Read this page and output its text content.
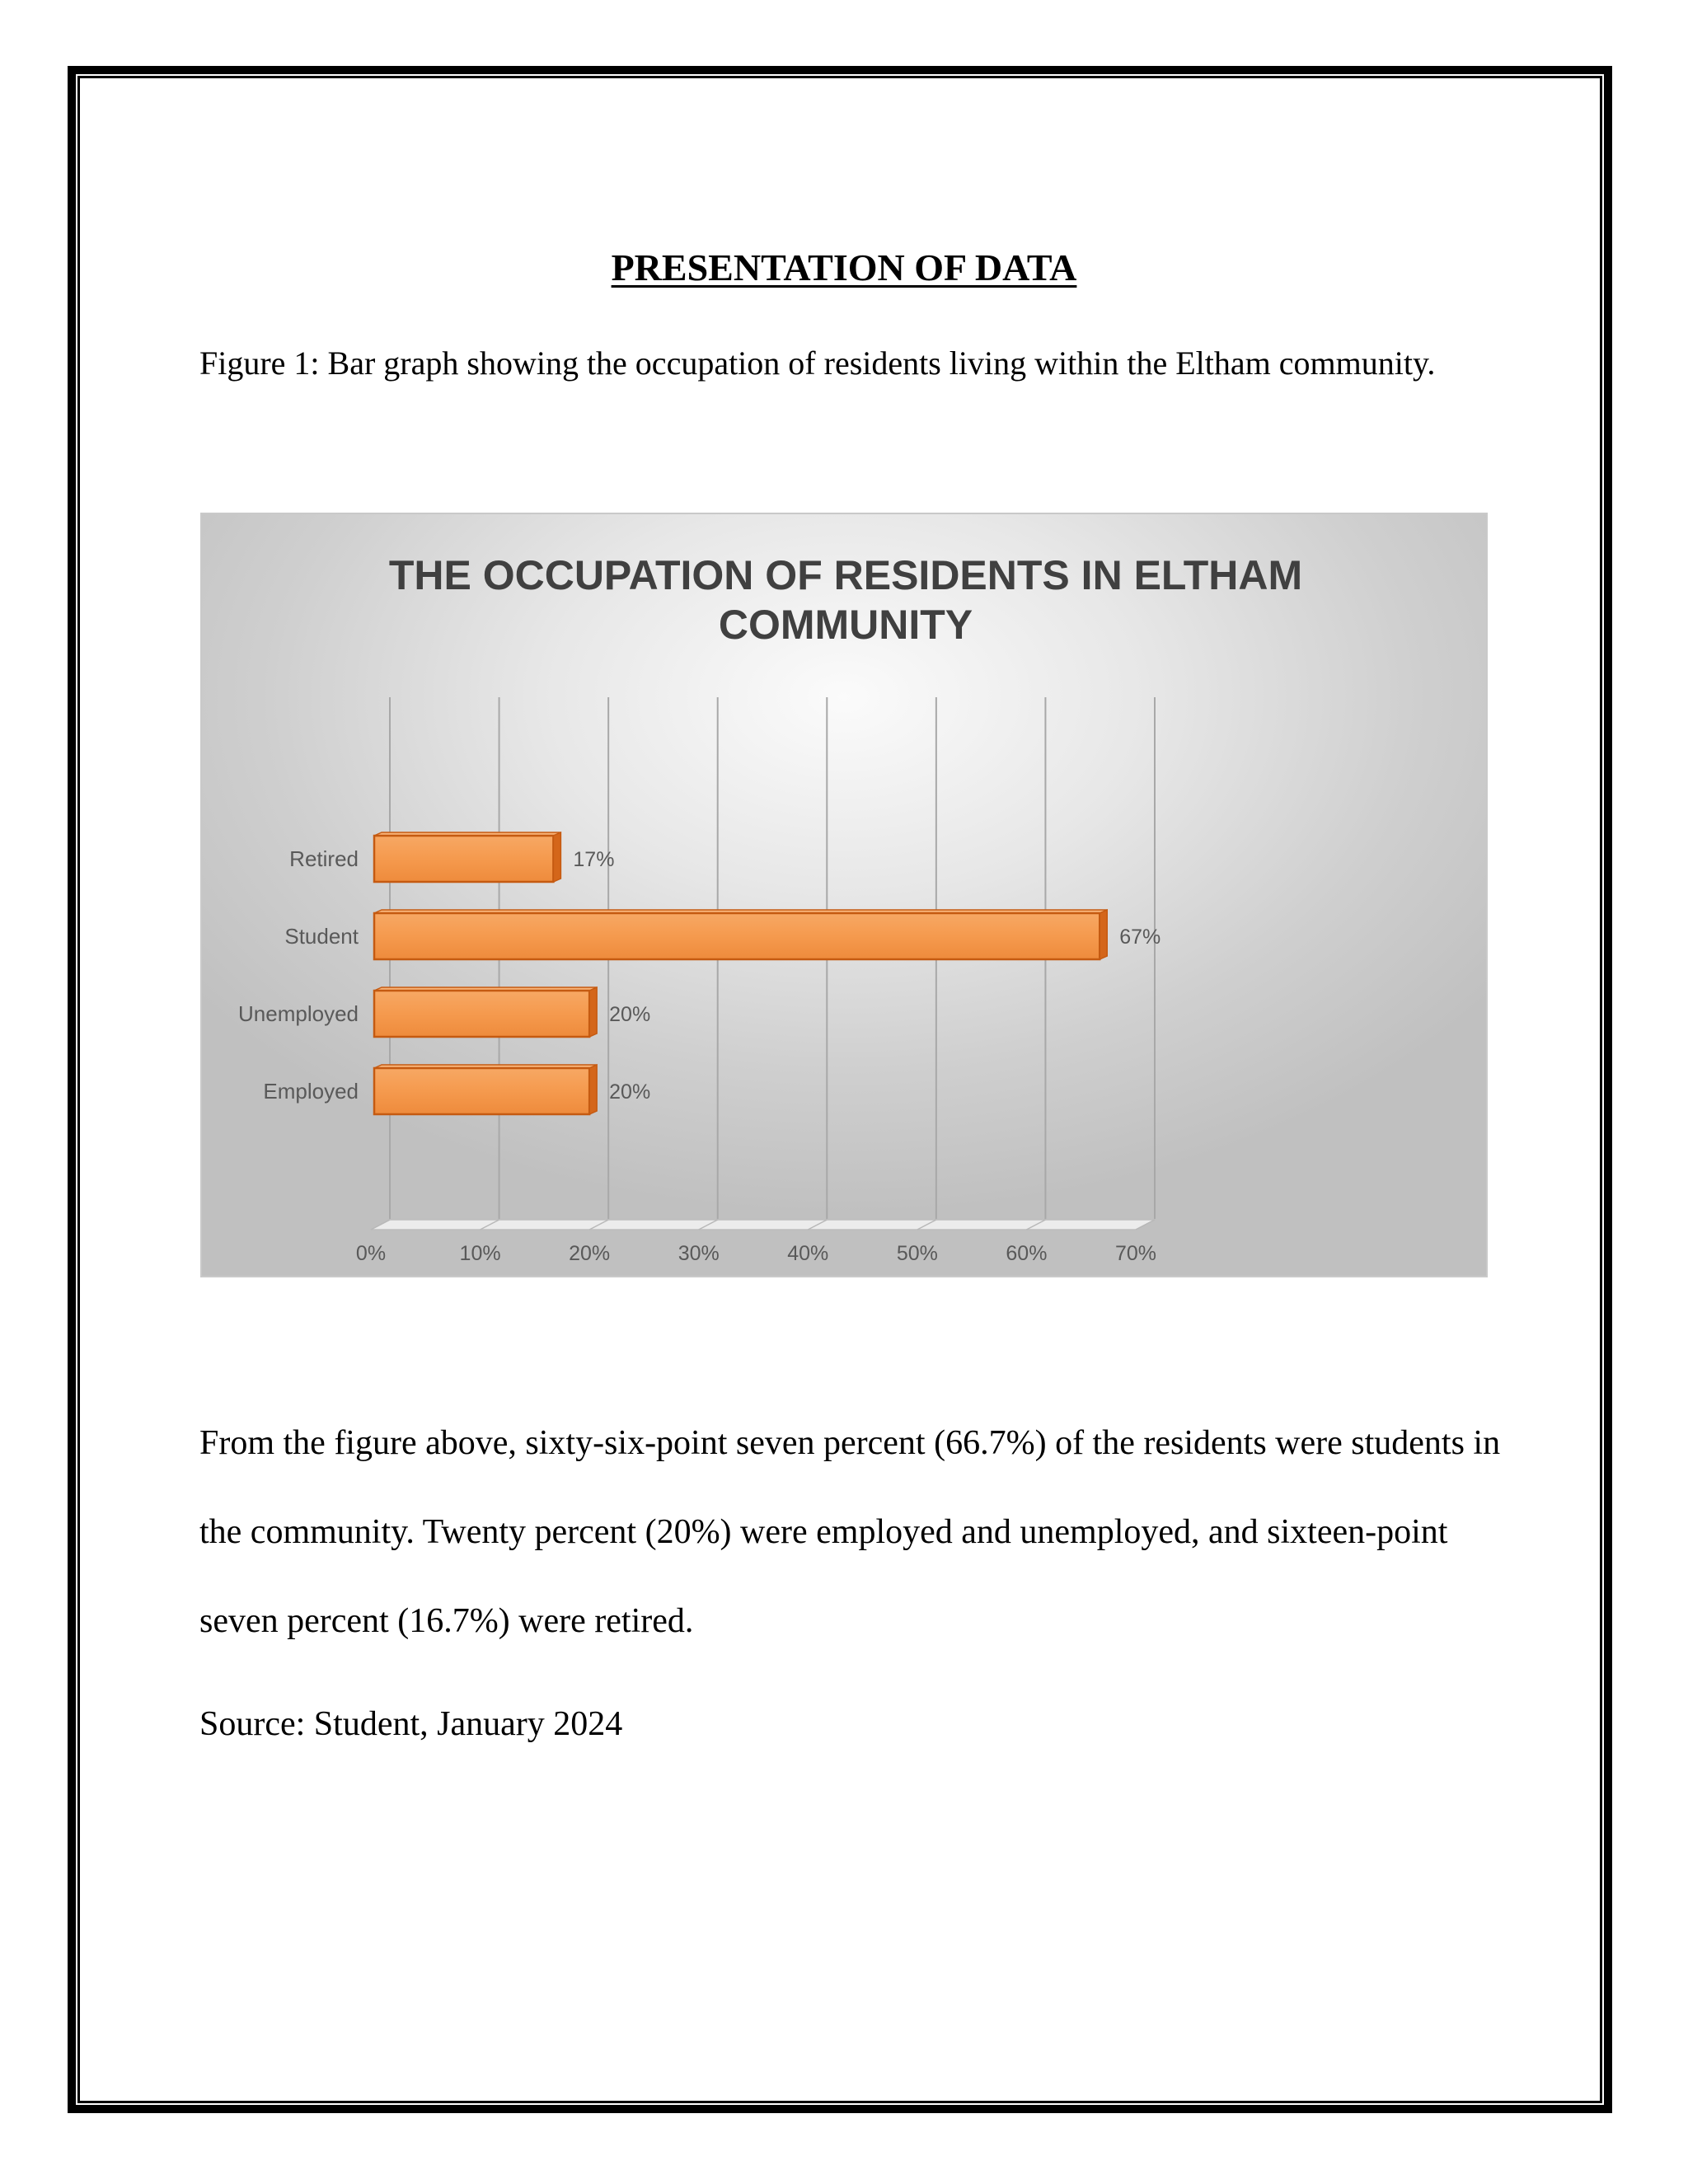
PRESENTATION OF DATA

Figure 1: Bar graph showing the occupation of residents living within the Eltham community.

THE OCCUPATION OF RESIDENTS IN ELTHAM COMMUNITY
0%	10%	20%	30%	40%	50%	60%	70%
Retired	17%
Student	67%
Unemployed	20%
Employed	20%

From the figure above, sixty-six-point seven percent (66.7%) of the residents were students in the community. Twenty percent (20%) were employed and unemployed, and sixteen-point seven percent (16.7%) were retired.

Source: Student, January 2024
